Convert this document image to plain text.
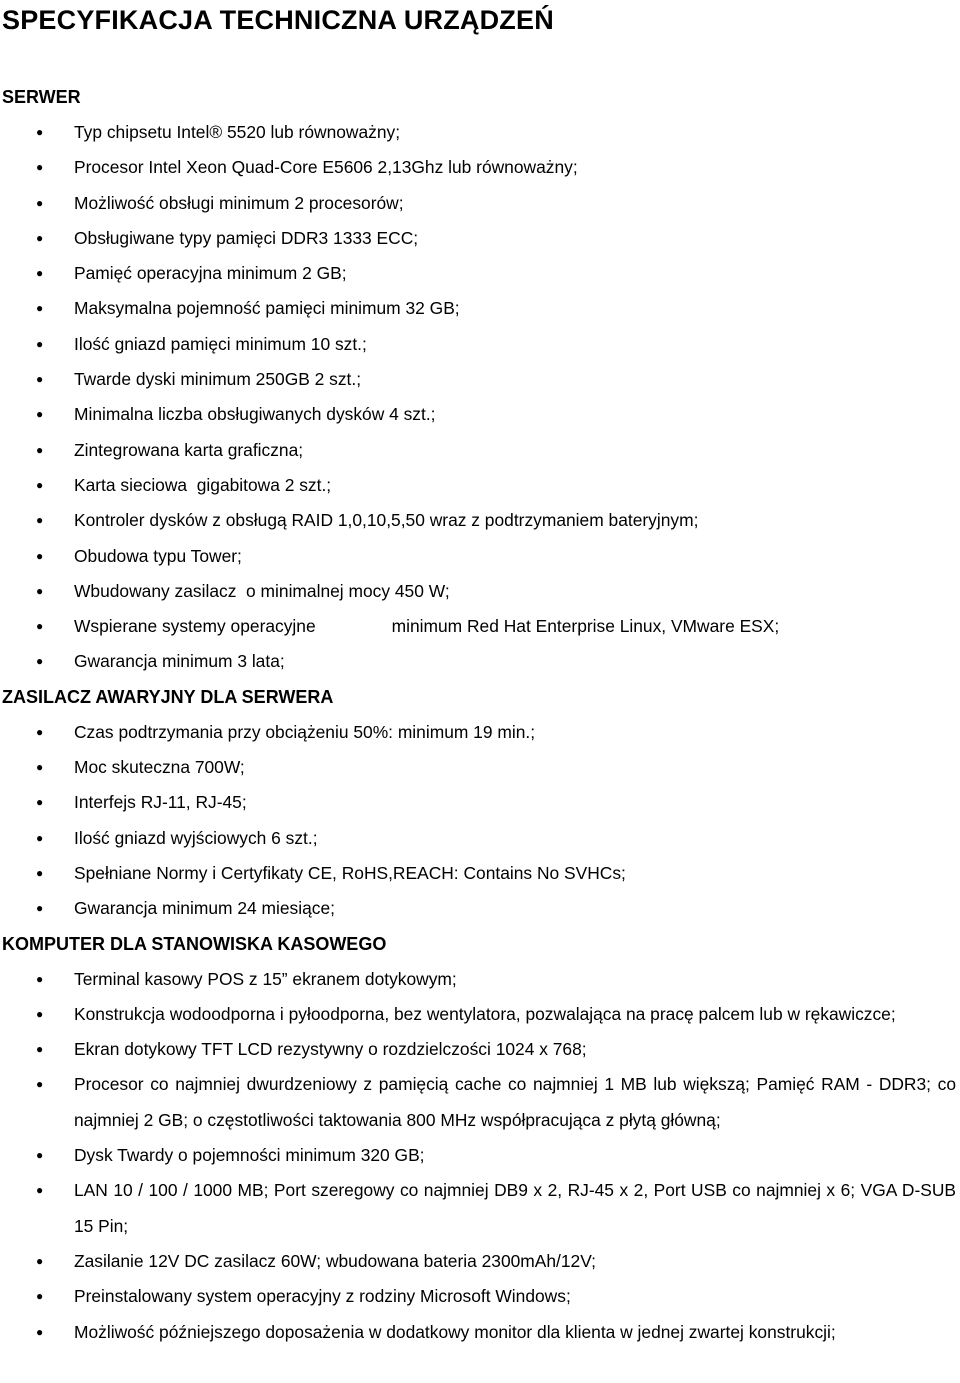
SPECYFIKACJA TECHNICZNA URZĄDZEŃ
SERWER
● Typ chipsetu Intel® 5520 lub równoważny;
● Procesor Intel Xeon Quad-Core E5606 2,13Ghz lub równoważny;
● Możliwość obsługi minimum 2 procesorów;
● Obsługiwane typy pamięci DDR3 1333 ECC;
● Pamięć operacyjna minimum 2 GB;
● Maksymalna pojemność pamięci minimum 32 GB;
● Ilość gniazd pamięci minimum 10 szt.;
● Twarde dyski minimum 250GB 2 szt.;
● Minimalna liczba obsługiwanych dysków 4 szt.;
● Zintegrowana karta graficzna;
● Karta sieciowa  gigabitowa 2 szt.;
● Kontroler dysków z obsługą RAID 1,0,10,5,50 wraz z podtrzymaniem bateryjnym;
● Obudowa typu Tower;
● Wbudowany zasilacz  o minimalnej mocy 450 W;
● Wspierane systemy operacyjne	minimum Red Hat Enterprise Linux, VMware ESX;
● Gwarancja minimum 3 lata;
ZASILACZ AWARYJNY DLA SERWERA
● Czas podtrzymania przy obciążeniu 50%: minimum 19 min.;
● Moc skuteczna 700W;
● Interfejs RJ-11, RJ-45;
● Ilość gniazd wyjściowych 6 szt.;
● Spełniane Normy i Certyfikaty CE, RoHS,REACH: Contains No SVHCs;
● Gwarancja minimum 24 miesiące;
KOMPUTER DLA STANOWISKA KASOWEGO
● Terminal kasowy POS z 15” ekranem dotykowym;
● Konstrukcja wodoodporna i pyłoodporna, bez wentylatora, pozwalająca na pracę palcem lub w rękawiczce;
● Ekran dotykowy TFT LCD rezystywny o rozdzielczości 1024 x 768;
● Procesor co najmniej dwurdzeniowy z pamięcią cache co najmniej 1 MB lub większą; Pamięć RAM - DDR3; co najmniej 2 GB; o częstotliwości taktowania 800 MHz współpracująca z płytą główną;
● Dysk Twardy o pojemności minimum 320 GB;
● LAN 10 / 100 / 1000 MB; Port szeregowy co najmniej DB9 x 2, RJ-45 x 2, Port USB co najmniej x 6; VGA D-SUB 15 Pin;
● Zasilanie 12V DC zasilacz 60W; wbudowana bateria 2300mAh/12V;
● Preinstalowany system operacyjny z rodziny Microsoft Windows;
● Możliwość późniejszego doposażenia w dodatkowy monitor dla klienta w jednej zwartej konstrukcji;
